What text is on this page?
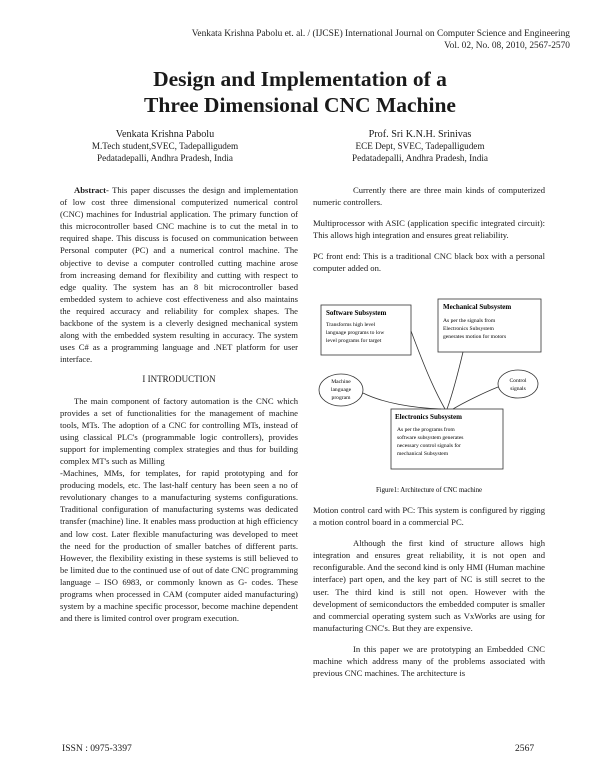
Venkata Krishna Pabolu et. al. / (IJCSE) International Journal on Computer Science and Engineering
Vol. 02, No. 08, 2010, 2567-2570
Design and Implementation of a
Three Dimensional CNC Machine
Venkata Krishna Pabolu
M.Tech student,SVEC, Tadepalligudem
Pedatadepalli, Andhra Pradesh, India
Prof. Sri K.N.H. Srinivas
ECE Dept, SVEC, Tadepalligudem
Pedatadepalli, Andhra Pradesh, India

Abstract- This paper discusses the design and implementation of low cost three dimensional computerized numerical control (CNC) machines for Industrial application. The primary function of this microcontroller based CNC machine is to cut the metal in to required shape. This discuss is focused on communication between Personal computer (PC) and a numerical control machine. The objective to devise a computer controlled cutting machine arose from increasing demand for flexibility and cutting with respect to edge quality. The system has an 8 bit microcontroller based embedded system to achieve cost effectiveness and also maintains the required accuracy and reliability for complex shapes. The backbone of the system is a cleverly designed mechanical system along with the embedded system resulting in accuracy. The system uses C# as a programming language and .NET platform for user interface.

I INTRODUCTION

The main component of factory automation is the CNC which provides a set of functionalities for the management of machine tools, MTs. The adoption of a CNC for controlling MTs, instead of using classical PLC's (programmable logic controllers), provides support for implementing complex strategies and thus for building complex MT's such as Milling

-Machines, MMs, for templates, for rapid prototyping and for producing models, etc. The last-half century has been seen a no of revolutionary changes to a manufacturing systems configurations. Traditional configuration of manufacturing systems was dedicated transfer (machine) line. It enables mass production at high efficiency and low cost. Later flexible manufacturing was developed to meet the need for the production of smaller batches of different parts. However, the flexibility existing in these systems is still believed to be limited due to the continued use of out of date CNC programming language – ISO 6983, or commonly known as G- codes. These programs when processed in CAM (computer aided manufacturing) system by a machine specific processor, become machine dependent and there is limited control over program execution.

Currently there are three main kinds of computerized numeric controllers.

Multiprocessor with ASIC (application specific integrated circuit): This allows high integration and ensures great reliability.

PC front end: This is a traditional CNC black box with a personal computer added on.

Software Subsystem
Transforms high level
language programs to low
level programs for target
Mechanical Subsystem
As per the signals from
Electronics Subsystem
generates motion for motors
Machine
language
program
Control
signals
Electronics Subsystem
As per the programs from
software subsystem generates
necessary control signals for
mechanical Subsystem
Figure1: Architecture of CNC machine

Motion control card with PC: This system is configured by rigging a motion control board in a commercial PC.

Although the first kind of structure allows high integration and ensures great reliability, it is not open and reconfigurable. And the second kind is only HMI (Human machine interface) part open, and the key part of NC is still secret to the user. The third kind is still not open. However with the development of semiconductors the embedded computer is smaller and commercial operating system such as VxWorks are using for manufacturing CNC's. But they are expensive.

In this paper we are prototyping an Embedded CNC machine which address many of the problems associated with previous CNC machines. The architecture is

ISSN : 0975-3397	2567
